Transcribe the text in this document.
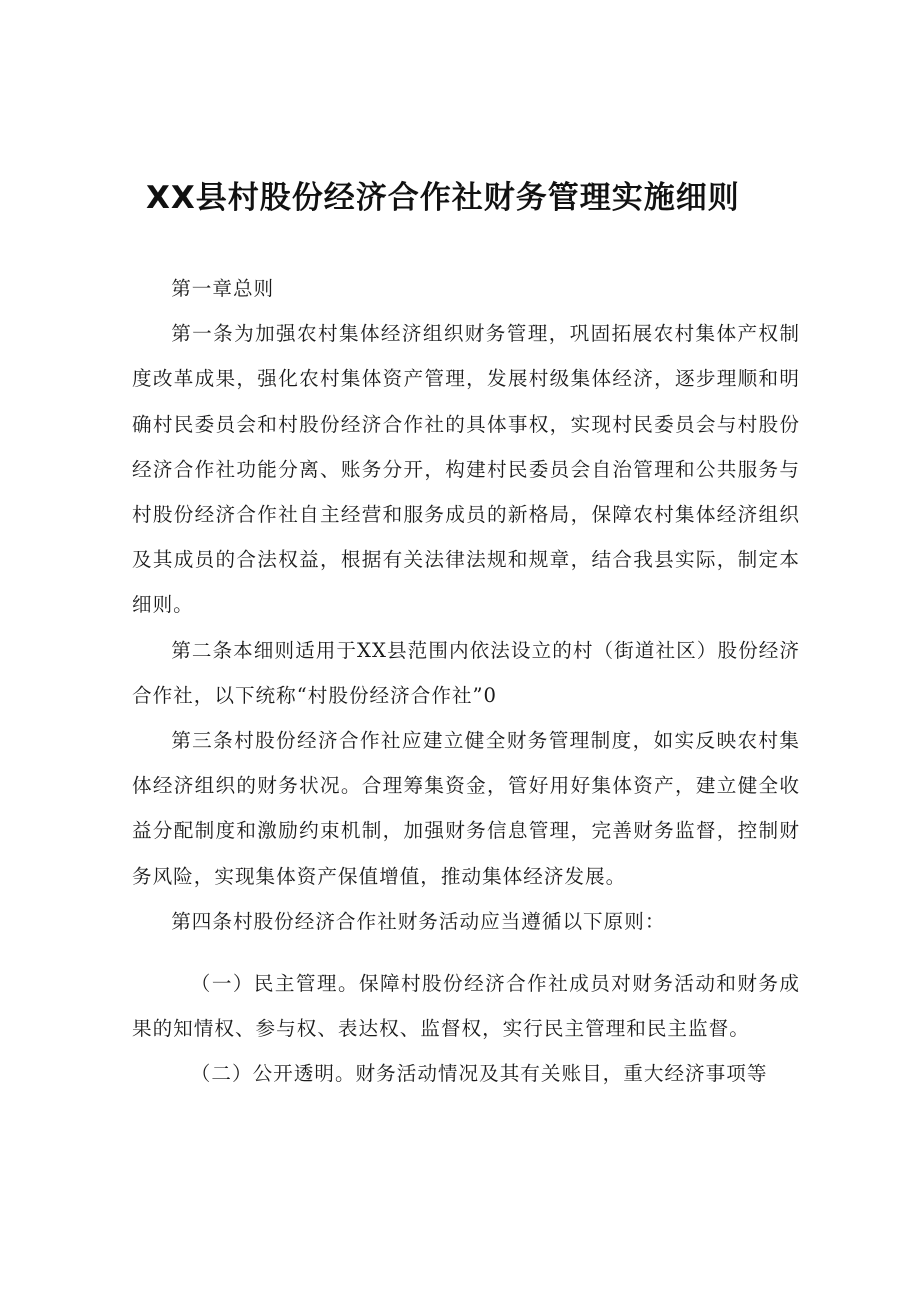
XX县村股份经济合作社财务管理实施细则

第一章总则

第一条为加强农村集体经济组织财务管理，巩固拓展农村集体产权制度改革成果，强化农村集体资产管理，发展村级集体经济，逐步理顺和明确村民委员会和村股份经济合作社的具体事权，实现村民委员会与村股份经济合作社功能分离、账务分开，构建村民委员会自治管理和公共服务与村股份经济合作社自主经营和服务成员的新格局，保障农村集体经济组织及其成员的合法权益，根据有关法律法规和规章，结合我县实际，制定本细则。

第二条本细则适用于XX县范围内依法设立的村（街道社区）股份经济合作社，以下统称“村股份经济合作社”0

第三条村股份经济合作社应建立健全财务管理制度，如实反映农村集体经济组织的财务状况。合理筹集资金，管好用好集体资产，建立健全收益分配制度和激励约束机制，加强财务信息管理，完善财务监督，控制财务风险，实现集体资产保值增值，推动集体经济发展。

第四条村股份经济合作社财务活动应当遵循以下原则：

（一）民主管理。保障村股份经济合作社成员对财务活动和财务成果的知情权、参与权、表达权、监督权，实行民主管理和民主监督。

（二）公开透明。财务活动情况及其有关账目，重大经济事项等
